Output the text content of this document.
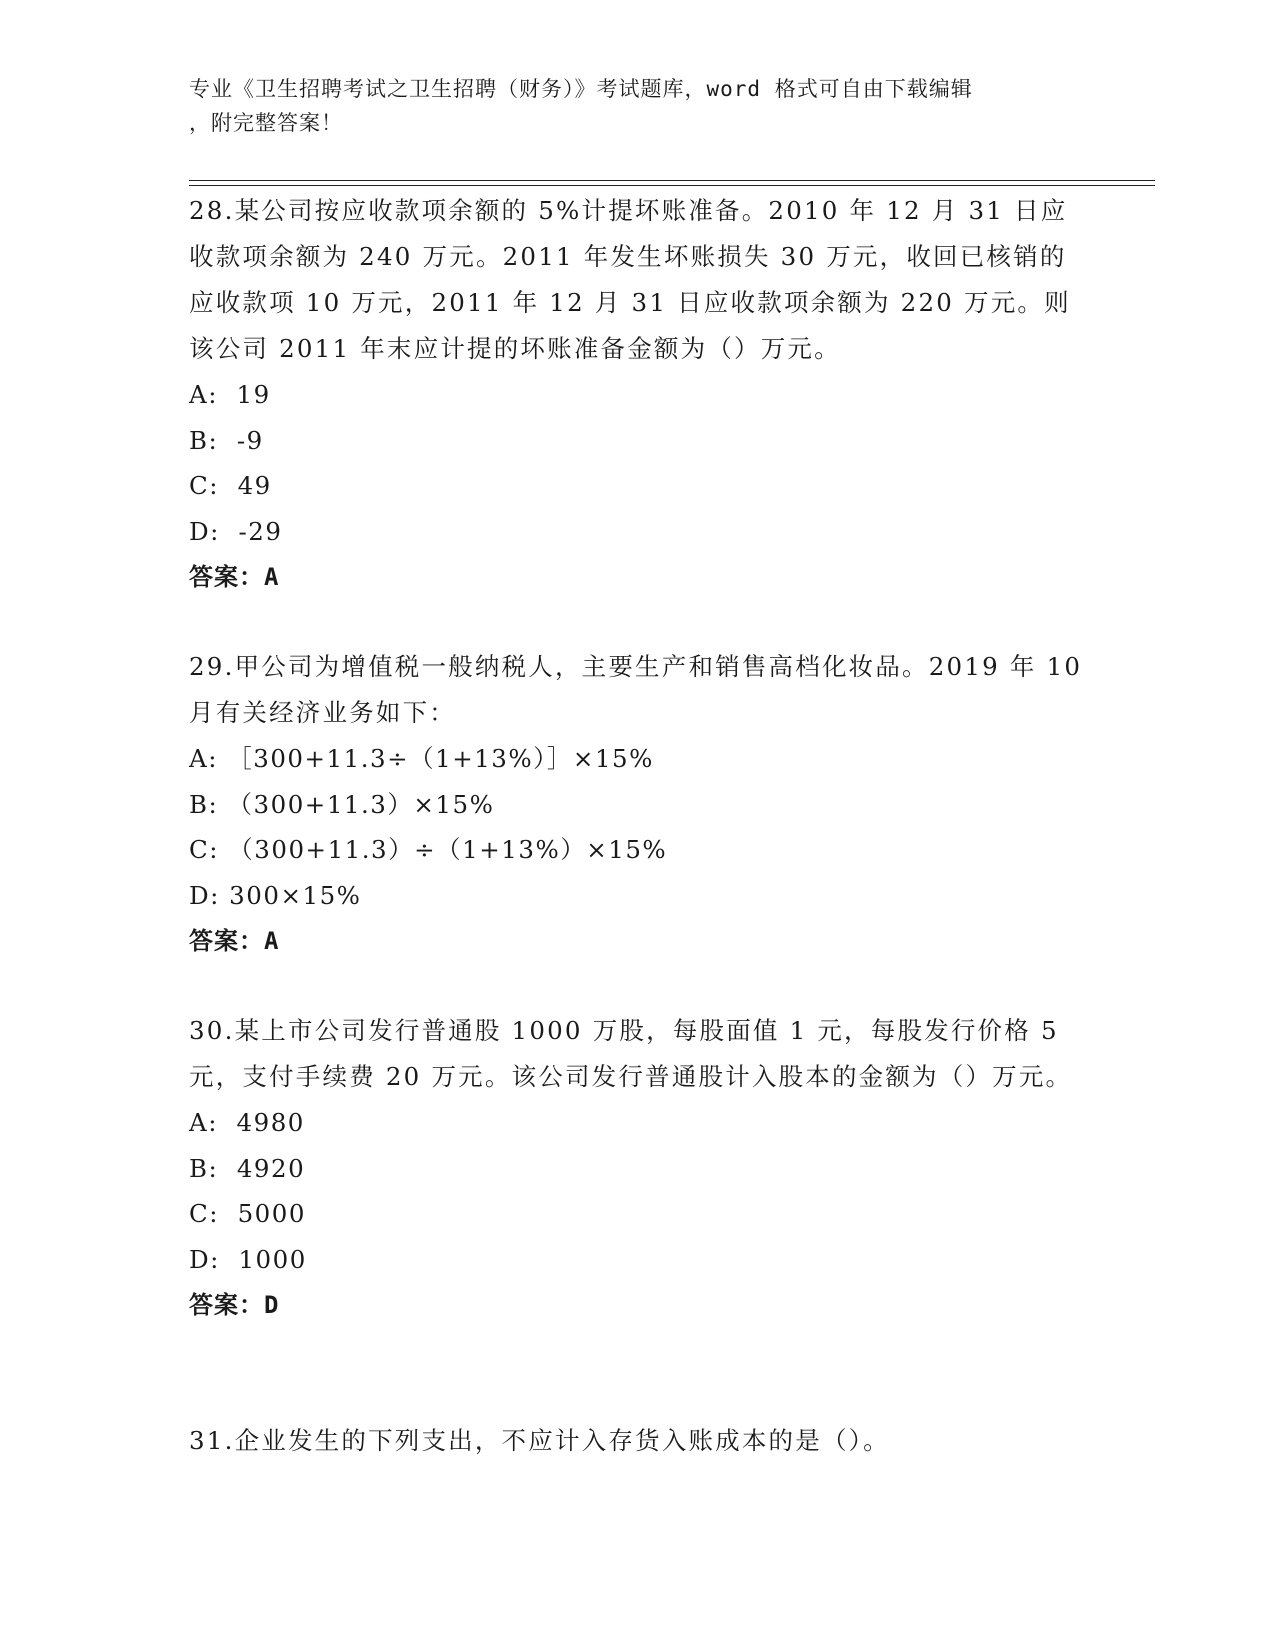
专业《卫生招聘考试之卫生招聘（财务）》考试题库，word 格式可自由下载编辑
，附完整答案！

28.某公司按应收款项余额的 5%计提坏账准备。2010 年 12 月 31 日应收款项余额为 240 万元。2011 年发生坏账损失 30 万元，收回已核销的应收款项 10 万元，2011 年 12 月 31 日应收款项余额为 220 万元。则该公司 2011 年末应计提的坏账准备金额为（）万元。

A:  19

B:  -9

C:  49

D:  -29

答案：A

29.甲公司为增值税一般纳税人，主要生产和销售高档化妆品。2019 年 10 月有关经济业务如下：

A: ［300+11.3÷（1+13%）］×15%

B: （300+11.3）×15%

C: （300+11.3）÷（1+13%）×15%

D: 300×15%

答案：A

30.某上市公司发行普通股 1000 万股，每股面值 1 元，每股发行价格 5 元，支付手续费 20 万元。该公司发行普通股计入股本的金额为（）万元。

A:  4980

B:  4920

C:  5000

D:  1000

答案：D

31.企业发生的下列支出，不应计入存货入账成本的是（）。
